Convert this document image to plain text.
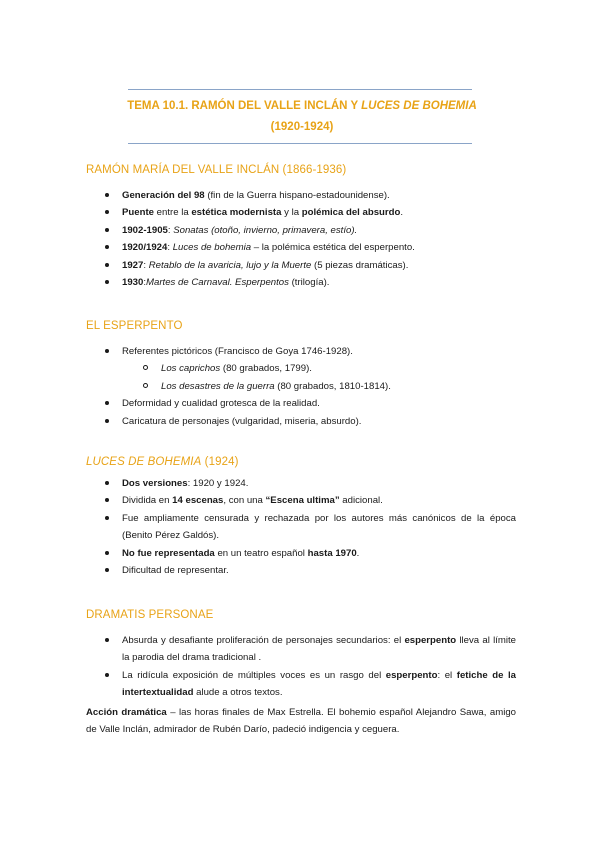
TEMA 10.1. RAMÓN DEL VALLE INCLÁN Y LUCES DE BOHEMIA (1920-1924)
RAMÓN MARÍA DEL VALLE INCLÁN (1866-1936)
Generación del 98 (fin de la Guerra hispano-estadounidense).
Puente entre la estética modernista y la polémica del absurdo.
1902-1905: Sonatas (otoño, invierno, primavera, estío).
1920/1924: Luces de bohemia – la polémica estética del esperpento.
1927: Retablo de la avaricia, lujo y la Muerte (5 piezas dramáticas).
1930:Martes de Carnaval. Esperpentos (trilogía).
EL ESPERPENTO
Referentes pictóricos (Francisco de Goya 1746-1928).
Los caprichos (80 grabados, 1799).
Los desastres de la guerra (80 grabados, 1810-1814).
Deformidad y cualidad grotesca de la realidad.
Caricatura de personajes (vulgaridad, miseria, absurdo).
LUCES DE BOHEMIA (1924)
Dos versiones: 1920 y 1924.
Dividida en 14 escenas, con una “Escena ultima” adicional.
Fue ampliamente censurada y rechazada por los autores más canónicos de la época (Benito Pérez Galdós).
No fue representada en un teatro español hasta 1970.
Dificultad de representar.
DRAMATIS PERSONAE
Absurda y desafiante proliferación de personajes secundarios: el esperpento lleva al límite la parodia del drama tradicional .
La ridícula exposición de múltiples voces es un rasgo del esperpento: el fetiche de la intertextualidad alude a otros textos.
Acción dramática – las horas finales de Max Estrella. El bohemio español Alejandro Sawa, amigo de Valle Inclán, admirador de Rubén Darío, padeció indigencia y ceguera.
